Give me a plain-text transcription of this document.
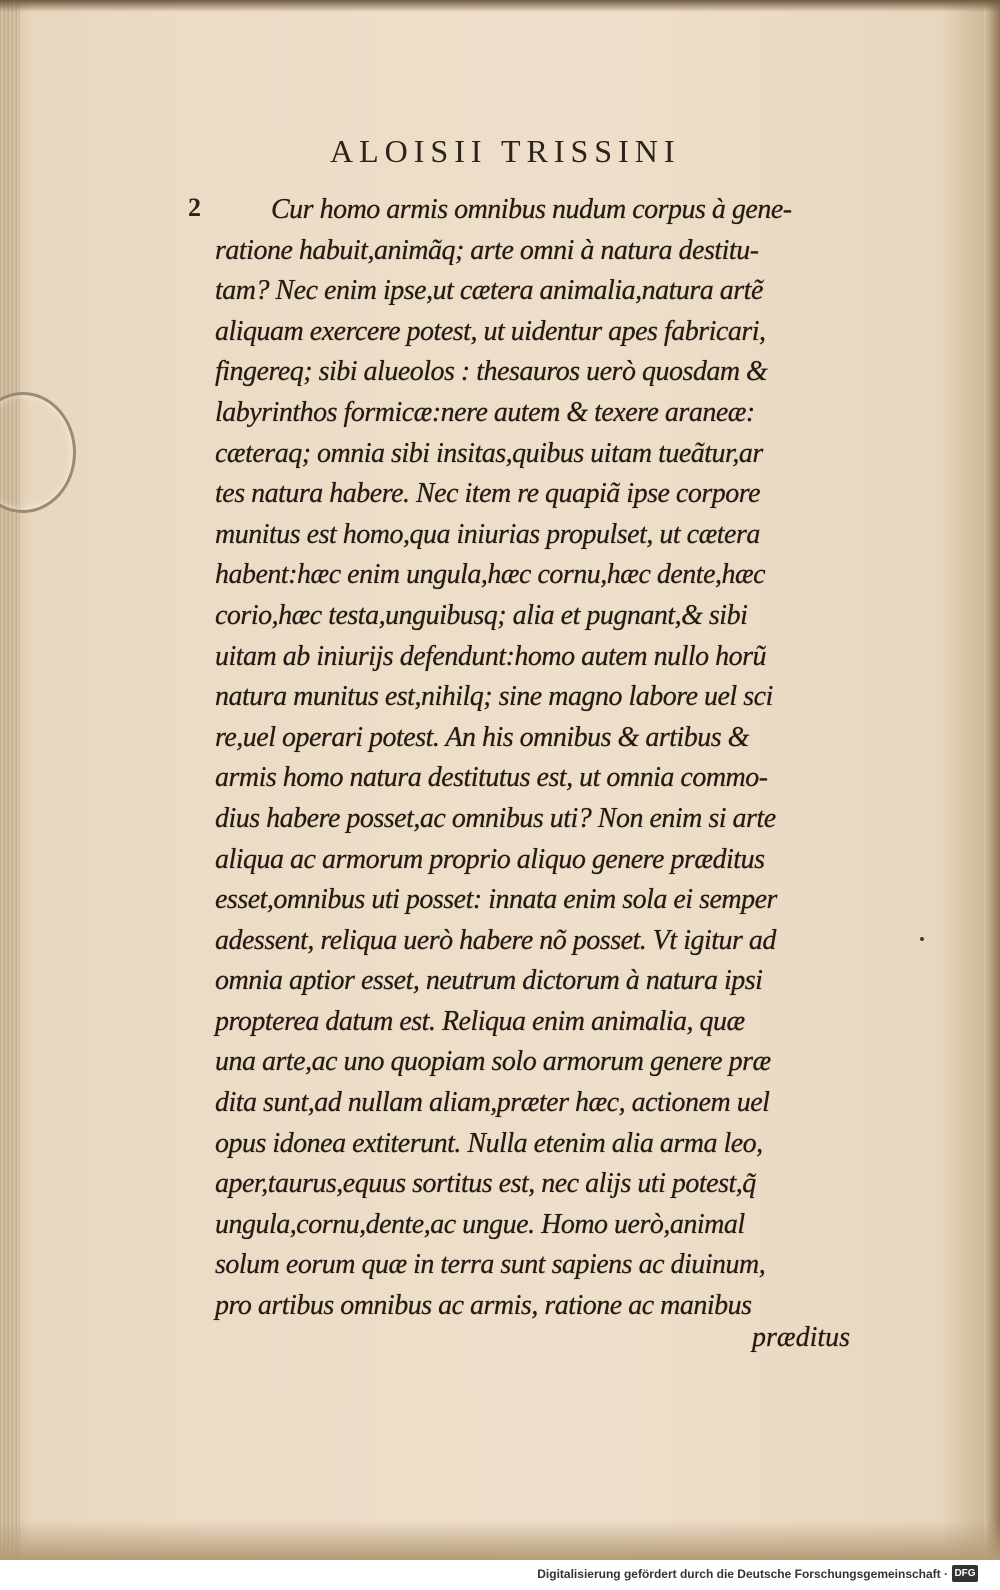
ALOISII TRISSINI
2	Cur homo armis omnibus nudum corpus à gene-
ratione habuit,animãq; arte omni à natura destitu-
tam? Nec enim ipse,ut cætera animalia,natura artẽ
aliquam exercere potest, ut uidentur apes fabricari,
fingereq; sibi alueolos : thesauros uerò quosdam &
labyrinthos formicæ:nere autem & texere araneæ:
cæteraq; omnia sibi insitas,quibus uitam tueãtur,ar
tes natura habere. Nec item re quapiã ipse corpore
munitus est homo,qua iniurias propulset, ut cætera
habent:hæc enim ungula,hæc cornu,hæc dente,hæc
corio,hæc testa,unguibusq; alia et pugnant,& sibi
uitam ab iniurijs defendunt:homo autem nullo horũ
natura munitus est,nihilq; sine magno labore uel sci
re,uel operari potest. An his omnibus & artibus &
armis homo natura destitutus est, ut omnia commo-
dius habere posset,ac omnibus uti? Non enim si arte
aliqua ac armorum proprio aliquo genere præditus
esset,omnibus uti posset: innata enim sola ei semper
adessent, reliqua uerò habere nõ posset. Vt igitur ad
omnia aptior esset, neutrum dictorum à natura ipsi
propterea datum est. Reliqua enim animalia, quæ
una arte,ac uno quopiam solo armorum genere præ
dita sunt,ad nullam aliam,præter hæc, actionem uel
opus idonea extiterunt. Nulla etenim alia arma leo,
aper,taurus,equus sortitus est, nec alijs uti potest,q̃
ungula,cornu,dente,ac ungue. Homo uerò,animal
solum eorum quæ in terra sunt sapiens ac diuinum,
pro artibus omnibus ac armis, ratione ac manibus
præditus
Digitalisierung gefördert durch die Deutsche Forschungsgemeinschaft · DFG
